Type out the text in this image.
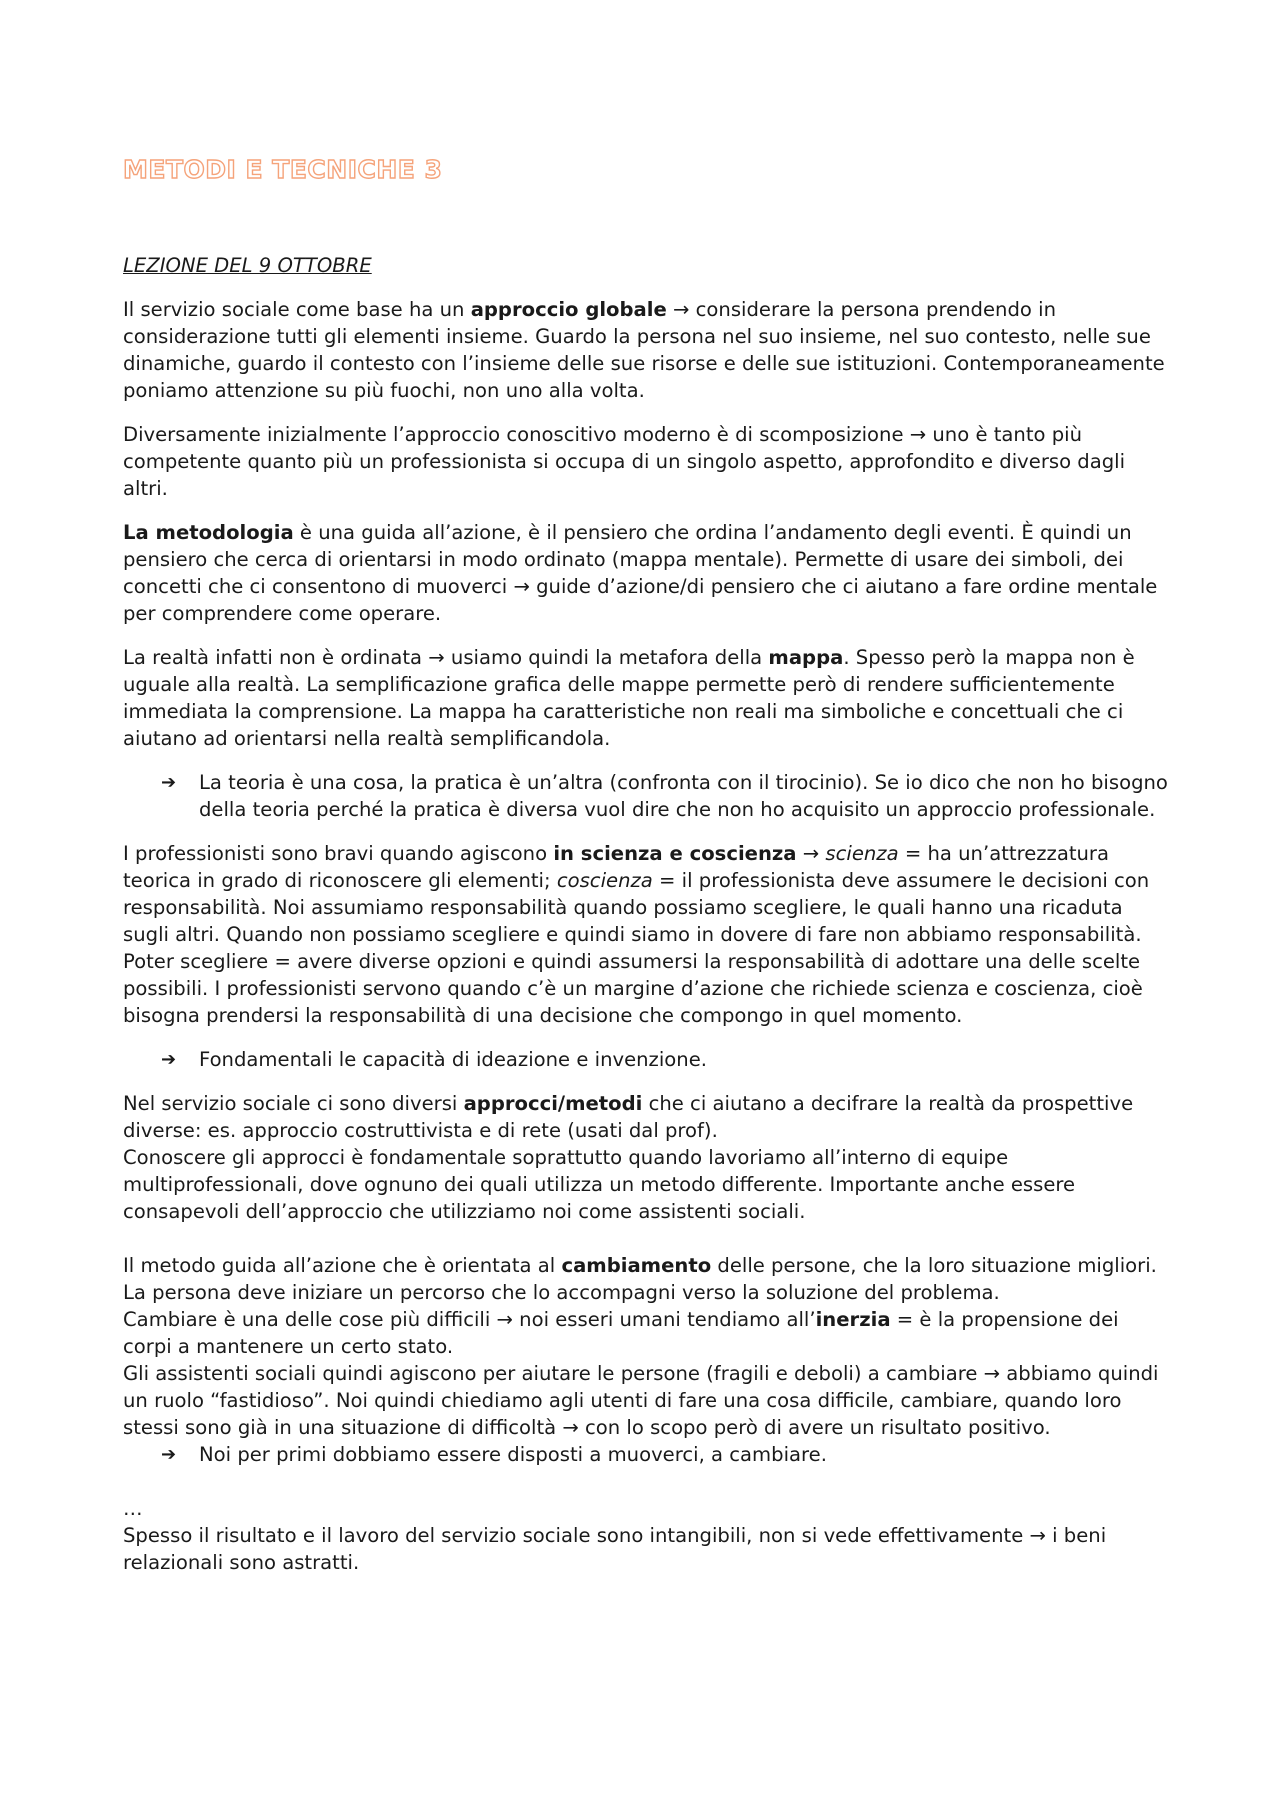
METODI E TECNICHE 3
LEZIONE DEL 9 OTTOBRE

Il servizio sociale come base ha un approccio globale → considerare la persona prendendo in considerazione tutti gli elementi insieme. Guardo la persona nel suo insieme, nel suo contesto, nelle sue dinamiche, guardo il contesto con l’insieme delle sue risorse e delle sue istituzioni. Contemporaneamente poniamo attenzione su più fuochi, non uno alla volta.

Diversamente inizialmente l’approccio conoscitivo moderno è di scomposizione → uno è tanto più competente quanto più un professionista si occupa di un singolo aspetto, approfondito e diverso dagli altri.

La metodologia è una guida all’azione, è il pensiero che ordina l’andamento degli eventi. È quindi un pensiero che cerca di orientarsi in modo ordinato (mappa mentale). Permette di usare dei simboli, dei concetti che ci consentono di muoverci → guide d’azione/di pensiero che ci aiutano a fare ordine mentale per comprendere come operare.

La realtà infatti non è ordinata → usiamo quindi la metafora della mappa. Spesso però la mappa non è uguale alla realtà. La semplificazione grafica delle mappe permette però di rendere sufficientemente immediata la comprensione. La mappa ha caratteristiche non reali ma simboliche e concettuali che ci aiutano ad orientarsi nella realtà semplificandola.

➔	La teoria è una cosa, la pratica è un’altra (confronta con il tirocinio). Se io dico che non ho bisogno della teoria perché la pratica è diversa vuol dire che non ho acquisito un approccio professionale.

I professionisti sono bravi quando agiscono in scienza e coscienza → scienza = ha un’attrezzatura teorica in grado di riconoscere gli elementi; coscienza = il professionista deve assumere le decisioni con responsabilità. Noi assumiamo responsabilità quando possiamo scegliere, le quali hanno una ricaduta sugli altri. Quando non possiamo scegliere e quindi siamo in dovere di fare non abbiamo responsabilità. Poter scegliere = avere diverse opzioni e quindi assumersi la responsabilità di adottare una delle scelte possibili. I professionisti servono quando c’è un margine d’azione che richiede scienza e coscienza, cioè bisogna prendersi la responsabilità di una decisione che compongo in quel momento.

➔	Fondamentali le capacità di ideazione e invenzione.

Nel servizio sociale ci sono diversi approcci/metodi che ci aiutano a decifrare la realtà da prospettive diverse: es. approccio costruttivista e di rete (usati dal prof).

Conoscere gli approcci è fondamentale soprattutto quando lavoriamo all’interno di equipe multiprofessionali, dove ognuno dei quali utilizza un metodo differente. Importante anche essere consapevoli dell’approccio che utilizziamo noi come assistenti sociali.

Il metodo guida all’azione che è orientata al cambiamento delle persone, che la loro situazione migliori. La persona deve iniziare un percorso che lo accompagni verso la soluzione del problema.

Cambiare è una delle cose più difficili → noi esseri umani tendiamo all’inerzia = è la propensione dei corpi a mantenere un certo stato.

Gli assistenti sociali quindi agiscono per aiutare le persone (fragili e deboli) a cambiare → abbiamo quindi un ruolo “fastidioso”. Noi quindi chiediamo agli utenti di fare una cosa difficile, cambiare, quando loro stessi sono già in una situazione di difficoltà → con lo scopo però di avere un risultato positivo.

➔	Noi per primi dobbiamo essere disposti a muoverci, a cambiare.

…

Spesso il risultato e il lavoro del servizio sociale sono intangibili, non si vede effettivamente → i beni relazionali sono astratti.
